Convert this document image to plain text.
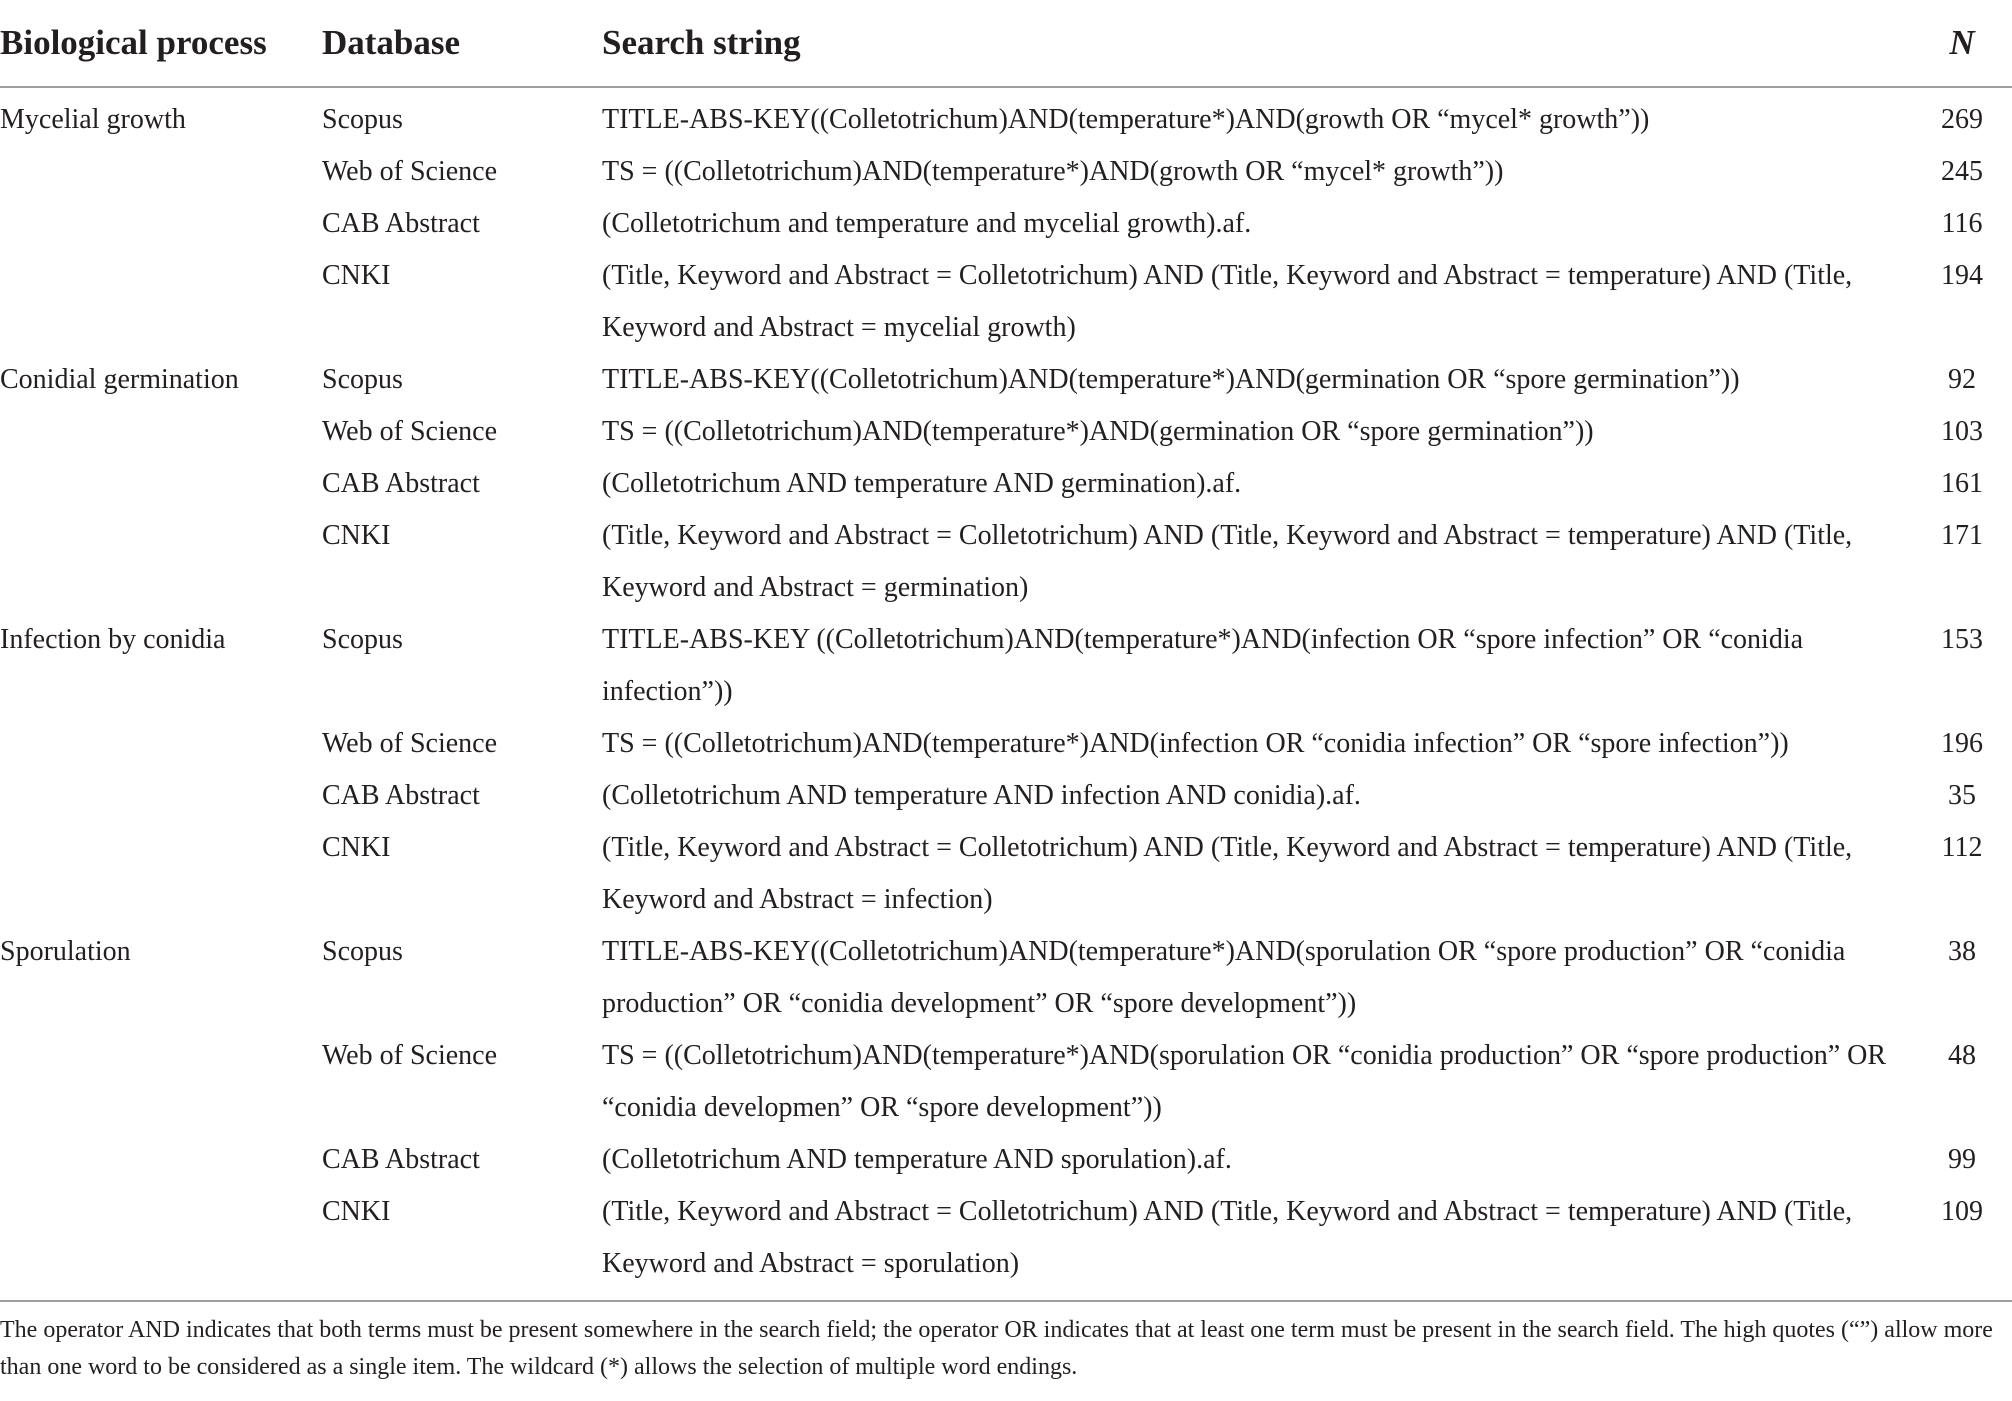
Biological process	Database	Search string	N
Mycelial growth	Scopus	TITLE-ABS-KEY((Colletotrichum)AND(temperature*)AND(growth OR “mycel* growth”))	269
	Web of Science	TS = ((Colletotrichum)AND(temperature*)AND(growth OR “mycel* growth”))	245
	CAB Abstract	(Colletotrichum and temperature and mycelial growth).af.	116
	CNKI	(Title, Keyword and Abstract = Colletotrichum) AND (Title, Keyword and Abstract = temperature) AND (Title, Keyword and Abstract = mycelial growth)	194
Conidial germination	Scopus	TITLE-ABS-KEY((Colletotrichum)AND(temperature*)AND(germination OR “spore germination”))	92
	Web of Science	TS = ((Colletotrichum)AND(temperature*)AND(germination OR “spore germination”))	103
	CAB Abstract	(Colletotrichum AND temperature AND germination).af.	161
	CNKI	(Title, Keyword and Abstract = Colletotrichum) AND (Title, Keyword and Abstract = temperature) AND (Title, Keyword and Abstract = germination)	171
Infection by conidia	Scopus	TITLE-ABS-KEY ((Colletotrichum)AND(temperature*)AND(infection OR “spore infection” OR “conidia infection”))	153
	Web of Science	TS = ((Colletotrichum)AND(temperature*)AND(infection OR “conidia infection” OR “spore infection”))	196
	CAB Abstract	(Colletotrichum AND temperature AND infection AND conidia).af.	35
	CNKI	(Title, Keyword and Abstract = Colletotrichum) AND (Title, Keyword and Abstract = temperature) AND (Title, Keyword and Abstract = infection)	112
Sporulation	Scopus	TITLE-ABS-KEY((Colletotrichum)AND(temperature*)AND(sporulation OR “spore production” OR “conidia production” OR “conidia development” OR “spore development”))	38
	Web of Science	TS = ((Colletotrichum)AND(temperature*)AND(sporulation OR “conidia production” OR “spore production” OR “conidia developmen” OR “spore development”))	48
	CAB Abstract	(Colletotrichum AND temperature AND sporulation).af.	99
	CNKI	(Title, Keyword and Abstract = Colletotrichum) AND (Title, Keyword and Abstract = temperature) AND (Title, Keyword and Abstract = sporulation)	109

The operator AND indicates that both terms must be present somewhere in the search field; the operator OR indicates that at least one term must be present in the search field. The high quotes (“”) allow more than one word to be considered as a single item. The wildcard (*) allows the selection of multiple word endings.
